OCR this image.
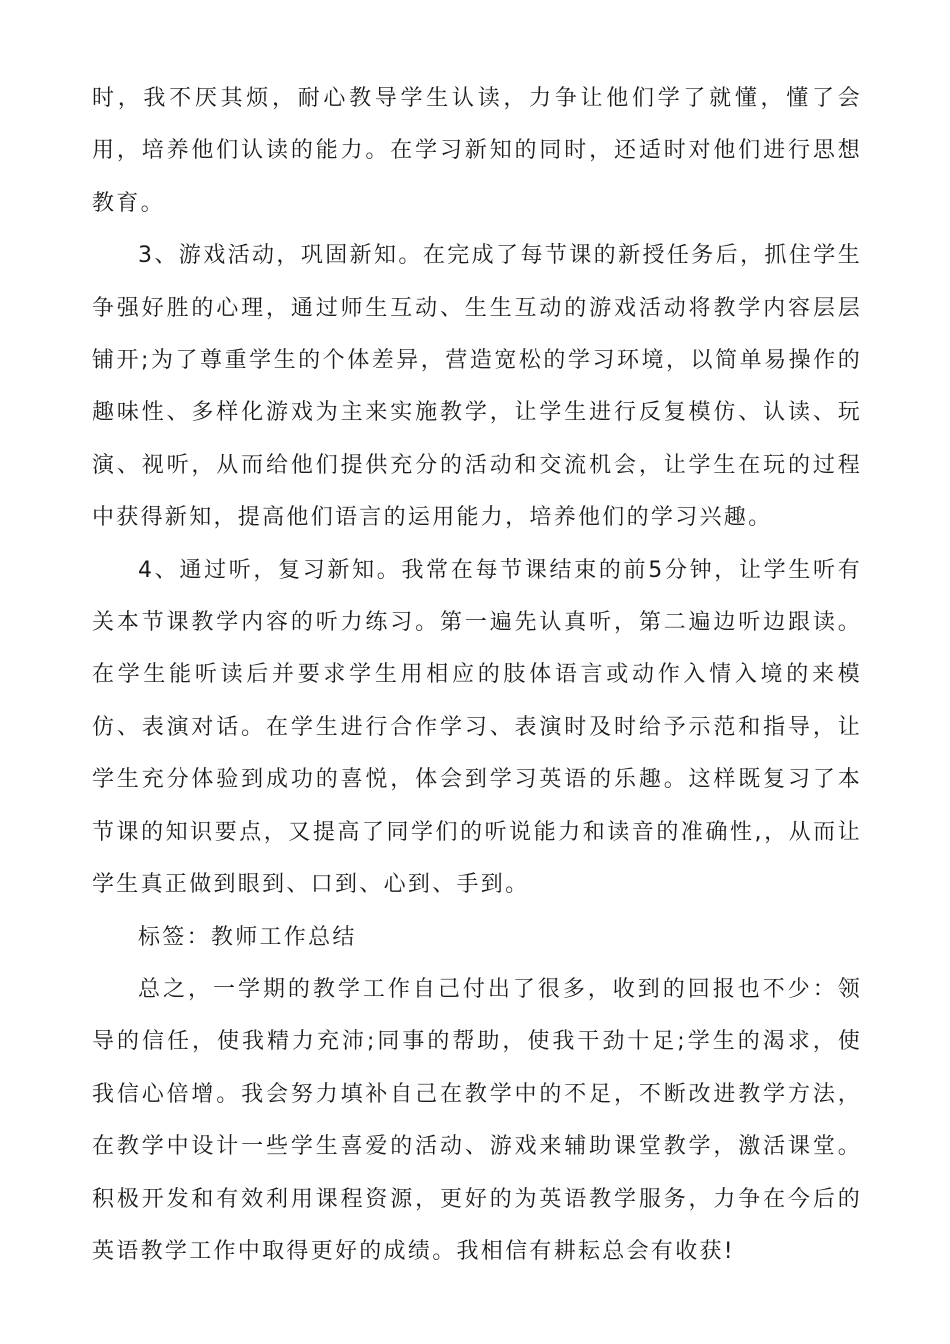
时，我不厌其烦，耐心教导学生认读，力争让他们学了就懂，懂了会用，培养他们认读的能力。在学习新知的同时，还适时对他们进行思想教育。

3、游戏活动，巩固新知。在完成了每节课的新授任务后，抓住学生争强好胜的心理，通过师生互动、生生互动的游戏活动将教学内容层层铺开;为了尊重学生的个体差异，营造宽松的学习环境，以简单易操作的趣味性、多样化游戏为主来实施教学，让学生进行反复模仿、认读、玩演、视听，从而给他们提供充分的活动和交流机会，让学生在玩的过程中获得新知，提高他们语言的运用能力，培养他们的学习兴趣。

4、通过听，复习新知。我常在每节课结束的前5分钟，让学生听有关本节课教学内容的听力练习。第一遍先认真听，第二遍边听边跟读。在学生能听读后并要求学生用相应的肢体语言或动作入情入境的来模仿、表演对话。在学生进行合作学习、表演时及时给予示范和指导，让学生充分体验到成功的喜悦，体会到学习英语的乐趣。这样既复习了本节课的知识要点，又提高了同学们的听说能力和读音的准确性,，从而让学生真正做到眼到、口到、心到、手到。

标签：教师工作总结

总之，一学期的教学工作自己付出了很多，收到的回报也不少：领导的信任，使我精力充沛;同事的帮助，使我干劲十足;学生的渴求，使我信心倍增。我会努力填补自己在教学中的不足，不断改进教学方法，在教学中设计一些学生喜爱的活动、游戏来辅助课堂教学，激活课堂。积极开发和有效利用课程资源，更好的为英语教学服务，力争在今后的英语教学工作中取得更好的成绩。我相信有耕耘总会有收获!
